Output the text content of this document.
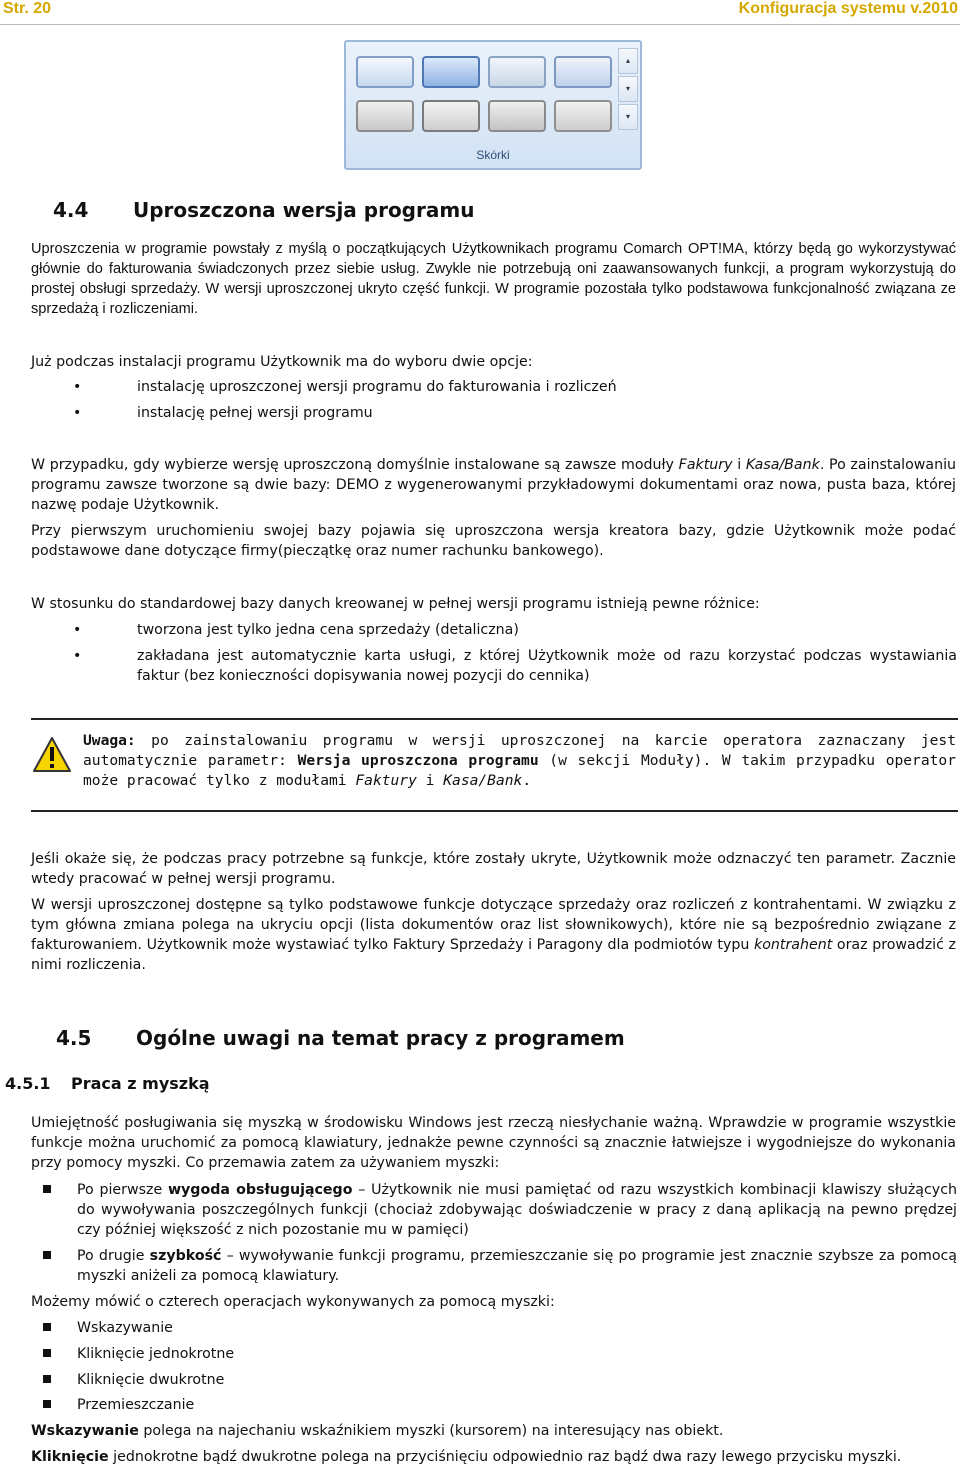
Str. 20	Konfiguracja systemu v.2010
▴
▾
▾
Skórki
4.4 Uproszczona wersja programu

Uproszczenia w programie powstały z myślą o początkujących Użytkownikach programu Comarch OPT!MA, którzy będą go wykorzystywać głównie do fakturowania świadczonych przez siebie usług. Zwykle nie potrzebują oni zaawansowanych funkcji, a program wykorzystują do prostej obsługi sprzedaży. W wersji uproszczonej ukryto część funkcji. W programie pozostała tylko podstawowa funkcjonalność związana ze sprzedażą i rozliczeniami.

Już podczas instalacji programu Użytkownik ma do wyboru dwie opcje:

•	instalację uproszczonej wersji programu do fakturowania i rozliczeń
•	instalację pełnej wersji programu

W przypadku, gdy wybierze wersję uproszczoną domyślnie instalowane są zawsze moduły Faktury i Kasa/Bank. Po zainstalowaniu programu zawsze tworzone są dwie bazy: DEMO z wygenerowanymi przykładowymi dokumentami oraz nowa, pusta baza, której nazwę podaje Użytkownik.

Przy pierwszym uruchomieniu swojej bazy pojawia się uproszczona wersja kreatora bazy, gdzie Użytkownik może podać podstawowe dane dotyczące firmy(pieczątkę oraz numer rachunku bankowego).

W stosunku do standardowej bazy danych kreowanej w pełnej wersji programu istnieją pewne różnice:

•	tworzona jest tylko jedna cena sprzedaży (detaliczna)
•	zakładana jest automatycznie karta usługi, z której Użytkownik może od razu korzystać podczas wystawiania faktur (bez konieczności dopisywania nowej pozycji do cennika)

Uwaga: po zainstalowaniu programu w wersji uproszczonej na karcie operatora zaznaczany jest automatycznie parametr: Wersja uproszczona programu (w sekcji Moduły). W takim przypadku operator może pracować tylko z modułami Faktury i Kasa/Bank.

Jeśli okaże się, że podczas pracy potrzebne są funkcje, które zostały ukryte, Użytkownik może odznaczyć ten parametr. Zacznie wtedy pracować w pełnej wersji programu.

W wersji uproszczonej dostępne są tylko podstawowe funkcje dotyczące sprzedaży oraz rozliczeń z kontrahentami. W związku z tym główna zmiana polega na ukryciu opcji (lista dokumentów oraz list słownikowych), które nie są bezpośrednio związane z fakturowaniem. Użytkownik może wystawiać tylko Faktury Sprzedaży i Paragony dla podmiotów typu kontrahent oraz prowadzić z nimi rozliczenia.

4.5 Ogólne uwagi na temat pracy z programem
4.5.1 Praca z myszką

Umiejętność posługiwania się myszką w środowisku Windows jest rzeczą niesłychanie ważną. Wprawdzie w programie wszystkie funkcje można uruchomić za pomocą klawiatury, jednakże pewne czynności są znacznie łatwiejsze i wygodniejsze do wykonania przy pomocy myszki. Co przemawia zatem za używaniem myszki:

Po pierwsze wygoda obsługującego – Użytkownik nie musi pamiętać od razu wszystkich kombinacji klawiszy służących do wywoływania poszczególnych funkcji (chociaż zdobywając doświadczenie w pracy z daną aplikacją na pewno prędzej czy później większość z nich pozostanie mu w pamięci)
Po drugie szybkość – wywoływanie funkcji programu, przemieszczanie się po programie jest znacznie szybsze za pomocą myszki aniżeli za pomocą klawiatury.

Możemy mówić o czterech operacjach wykonywanych za pomocą myszki:

Wskazywanie
Kliknięcie jednokrotne
Kliknięcie dwukrotne
Przemieszczanie

Wskazywanie polega na najechaniu wskaźnikiem myszki (kursorem) na interesujący nas obiekt.

Kliknięcie jednokrotne bądź dwukrotne polega na przyciśnięciu odpowiednio raz bądź dwa razy lewego przycisku myszki.
